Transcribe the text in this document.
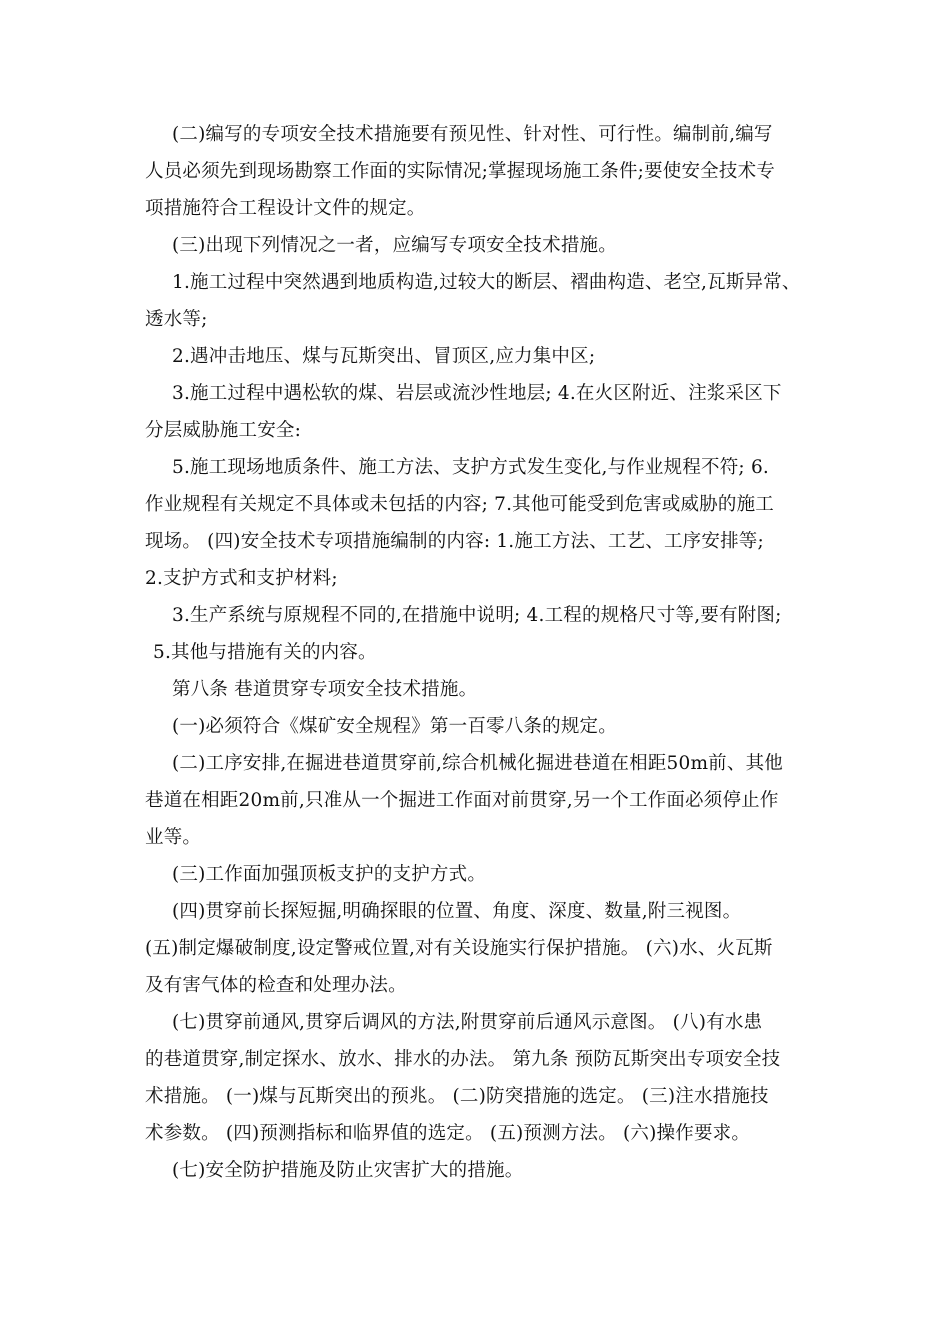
(二)编写的专项安全技术措施要有预见性、针对性、可行性。编制前,编写
人员必须先到现场勘察工作面的实际情况;掌握现场施工条件;要使安全技术专
项措施符合工程设计文件的规定。
(三)出现下列情况之一者，应编写专项安全技术措施。
1.施工过程中突然遇到地质构造,过较大的断层、褶曲构造、老空,瓦斯异常、
透水等;
2.遇冲击地压、煤与瓦斯突出、冒顶区,应力集中区;
3.施工过程中遇松软的煤、岩层或流沙性地层; 4.在火区附近、注浆采区下
分层威胁施工安全:
5.施工现场地质条件、施工方法、支护方式发生变化,与作业规程不符; 6.
作业规程有关规定不具体或未包括的内容; 7.其他可能受到危害或威胁的施工
现场。 (四)安全技术专项措施编制的内容: 1.施工方法、工艺、工序安排等;
2.支护方式和支护材料;
3.生产系统与原规程不同的,在措施中说明; 4.工程的规格尺寸等,要有附图;
5.其他与措施有关的内容。
第八条 巷道贯穿专项安全技术措施。
(一)必须符合《煤矿安全规程》第一百零八条的规定。
(二)工序安排,在掘进巷道贯穿前,综合机械化掘进巷道在相距50m前、其他
巷道在相距20m前,只准从一个掘进工作面对前贯穿,另一个工作面必须停止作
业等。
(三)工作面加强顶板支护的支护方式。
(四)贯穿前长探短掘,明确探眼的位置、角度、深度、数量,附三视图。
(五)制定爆破制度,设定警戒位置,对有关设施实行保护措施。 (六)水、火瓦斯
及有害气体的检查和处理办法。
(七)贯穿前通风,贯穿后调风的方法,附贯穿前后通风示意图。 (八)有水患
的巷道贯穿,制定探水、放水、排水的办法。 第九条 预防瓦斯突出专项安全技
术措施。 (一)煤与瓦斯突出的预兆。 (二)防突措施的选定。 (三)注水措施技
术参数。 (四)预测指标和临界值的选定。 (五)预测方法。 (六)操作要求。
(七)安全防护措施及防止灾害扩大的措施。
